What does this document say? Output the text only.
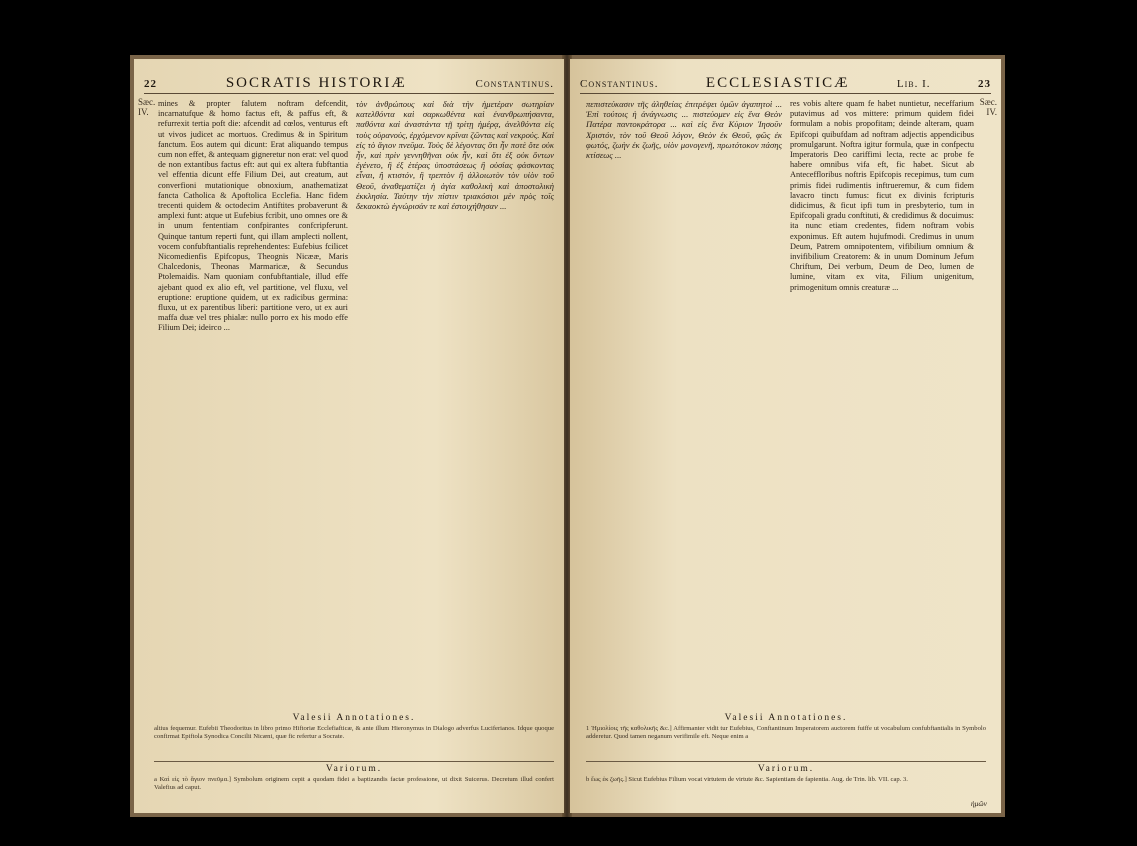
22	SOCRATIS HISTORIÆ	Constantinus.
Sæc. IV.
mines & propter falutem noftram defcendit, incarnatufque & homo factus eft, & paffus eft, & refurrexit tertia poft die: afcendit ad cœlos, venturus eft ut vivos judicet ac mortuos. Credimus & in Spiritum fanctum. Eos autem qui dicunt: Erat aliquando tempus cum non effet, & antequam gigneretur non erat: vel quod de non extantibus factus eft: aut qui ex altera fubftantia vel effentia dicunt effe Filium Dei, aut creatum, aut converfioni mutationique obnoxium, anathematizat fancta Catholica & Apoftolica Ecclefia. Hanc fidem trecenti quidem & octodecim Antiftites probaverunt & amplexi funt: atque ut Eufebius fcribit, uno omnes ore & in unum fententiam confpirantes confcripferunt. Quinque tantum reperti funt, qui illam amplecti nollent, vocem confubftantialis reprehendentes: Eufebius fcilicet Nicomedienfis Epifcopus, Theognis Nicææ, Maris Chalcedonis, Theonas Marmaricæ, & Secundus Ptolemaidis. Nam quoniam confubftantiale, illud effe ajebant quod ex alio eft, vel partitione, vel fluxu, vel eruptione: eruptione quidem, ut ex radicibus germina: fluxu, ut ex parentibus liberi: partitione vero, ut ex auri maffa duæ vel tres phialæ: nullo porro ex his modo effe Filium Dei; ideirco ...
τὸν ἀνθρώπους καὶ διὰ τὴν ἡμετέραν σωτηρίαν κατελθόντα καὶ σαρκωθέντα καὶ ἐνανθρωπήσαντα, παθόντα καὶ ἀναστάντα τῇ τρίτῃ ἡμέρᾳ, ἀνελθόντα εἰς τοὺς οὐρανούς, ἐρχόμενον κρῖναι ζῶντας καὶ νεκρούς. Καὶ εἰς τὸ ἅγιον πνεῦμα. Τοὺς δὲ λέγοντας ὅτι ἦν ποτὲ ὅτε οὐκ ἦν, καὶ πρὶν γεννηθῆναι οὐκ ἦν, καὶ ὅτι ἐξ οὐκ ὄντων ἐγένετο, ἢ ἐξ ἑτέρας ὑποστάσεως ἢ οὐσίας φάσκοντας εἶναι, ἢ κτιστόν, ἢ τρεπτὸν ἢ ἀλλοιωτὸν τὸν υἱὸν τοῦ Θεοῦ, ἀναθεματίζει ἡ ἁγία καθολικὴ καὶ ἀποστολικὴ ἐκκλησία. Ταύτην τὴν πίστιν τριακόσιοι μὲν πρὸς τοῖς δεκαοκτὼ ἐγνώρισάν τε καὶ ἐστοιχήθησαν ...
Valesii Annotationes.
altius fequemur. Eufebii Theodoritus in libro primo Hiftoriæ Ecclefiafticæ, & ante illum Hieronymus in Dialogo adverfus Luciferianos. Idque quoque confirmat Epiftola Synodica Concilii Nicæni, quæ fic refertur a Socrate.
Variorum.
a Καὶ εἰς τὸ ἅγιον πνεῦμα.] Symbolum originem cepit a quodam fidei a baptizandis factæ professione, ut dixit Suicerus. Decretum illud confert Valefius ad caput.
Constantinus.	ECCLESIASTICÆ	Lib. I.	23
πεπιστεύκασιν τῆς ἀληθείας ἐπιτρέψει ὑμῶν ἀγαπητοὶ ... Ἐπὶ τούτοις ἡ ἀνάγνωσις ... πιστεύομεν εἰς ἕνα Θεὸν Πατέρα παντοκράτορα ... καὶ εἰς ἕνα Κύριον Ἰησοῦν Χριστόν, τὸν τοῦ Θεοῦ λόγον, Θεὸν ἐκ Θεοῦ, φῶς ἐκ φωτός, ζωὴν ἐκ ζωῆς, υἱὸν μονογενῆ, πρωτότοκον πάσης κτίσεως ...
res vobis altere quam fe habet nuntietur, neceffarium putavimus ad vos mittere: primum quidem fidei formulam a nobis propofitam; deinde alteram, quam Epifcopi quibufdam ad noftram adjectis appendicibus promulgarunt. Noftra igitur formula, quæ in confpectu Imperatoris Deo cariffimi lecta, recte ac probe fe habere omnibus vifa eft, fic habet. Sicut ab Anteceffloribus noftris Epifcopis recepimus, tum cum primis fidei rudimentis inftrueremur, & cum fidem lavacro tinctı fumus: ficut ex divinis fcripturis didicimus, & ficut ipfi tum in presbyterio, tum in Epifcopali gradu conftituti, & credidimus & docuimus: ita nunc etiam credentes, fidem noftram vobis exponimus. Eft autem hujufmodi. Credimus in unum Deum, Patrem omnipotentem, vifibilium omnium & invifibilium Creatorem: & in unum Dominum Jefum Chriftum, Dei verbum, Deum de Deo, lumen de lumine, vitam ex vita, Filium unigenitum, primogenitum omnis creaturæ ...
Sæc. IV.
Valesii Annotationes.
1 Ἠμιολίοις τῆς καθολικῆς &c.] Affirmanter vidit tur Eufebius, Conftantinum Imperatorem auctorem fuiffe ut vocabulum confubftantialis in Symbolo adderetur. Quod tamen neganum verifimile eft. Neque enim a
Variorum.
b ἕως ἐκ ζωῆς.] Sicut Eufebius Filium vocat virtutem de virtute &c. Sapientiam de fapientia. Aug. de Trin. lib. VII. cap. 3.
ἡμῶν
